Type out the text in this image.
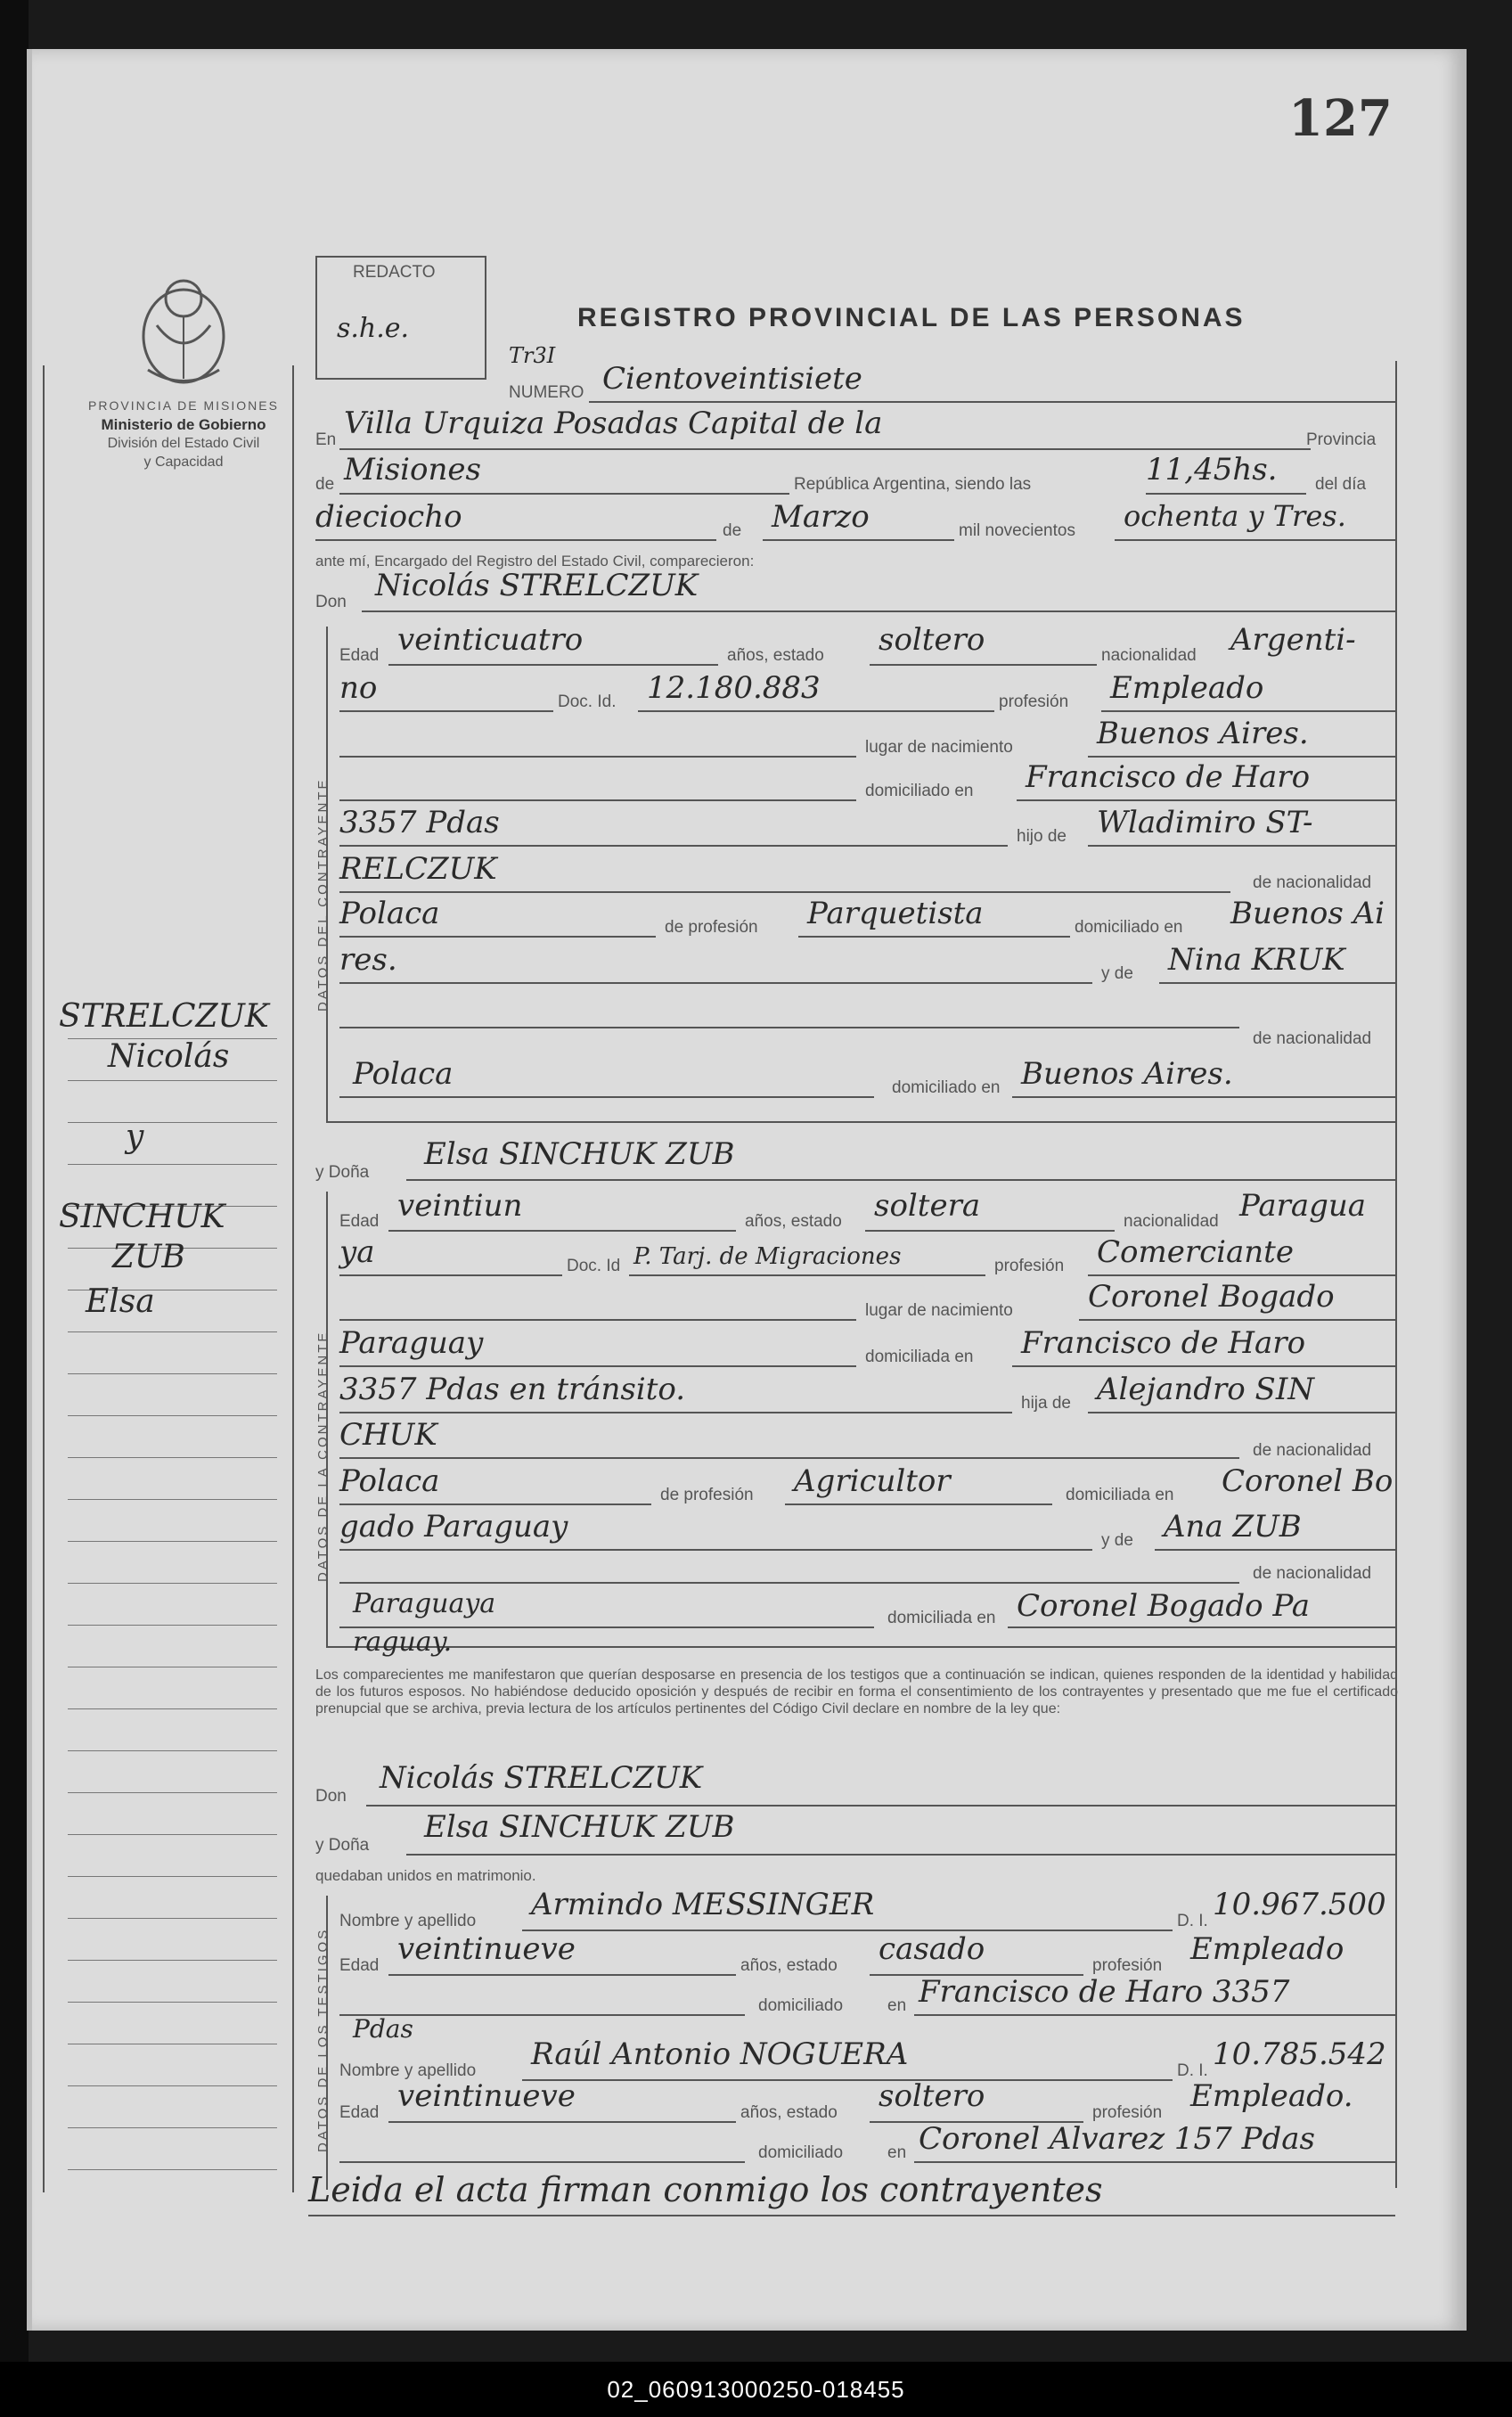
127
REDACTO
s.h.e.	REGISTRO PROVINCIAL DE LAS PERSONAS
PROVINCIA DE MISIONES
Ministerio de Gobierno
División del Estado Civil
y Capacidad
STRELCZUK
Nicolás
y
SINCHUK
ZUB
Elsa
Tr3I
NUMERO Cientoveintisiete
En Villa Urquiza Posadas Capital de la	Provincia
de Misiones	República Argentina, siendo las	11,45hs. del día
dieciocho	de Marzo	mil novecientos ochenta y Tres.
ante mí, Encargado del Registro del Estado Civil, comparecieron:
Don Nicolás STRELCZUK
DATOS DEL CONTRAYENTE
Edad veinticuatro	años, estado soltero	nacionalidad Argenti-
no	Doc. Id. 12.180.883	profesión Empleado
lugar de nacimiento	Buenos Aires.
domiciliado en Francisco de Haro
3357 Pdas	hijo de Wladimiro ST-
RELCZUK	de nacionalidad
Polaca	de profesión Parquetista	domiciliado en Buenos Ai
res.	y de Nina KRUK
de nacionalidad
Polaca	domiciliado en Buenos Aires.
y Doña
Elsa SINCHUK ZUB
DATOS DE LA CONTRAYENTE
Edad veintiun	años, estado soltera	nacionalidad Paragua
ya	Doc. Id P. Tarj. de Migraciones	profesión Comerciante
lugar de nacimiento Coronel Bogado
Paraguay	domiciliada en Francisco de Haro
3357 Pdas en tránsito.	hija de Alejandro SIN
CHUK	de nacionalidad
Polaca	de profesión Agricultor	domiciliada en Coronel Bo
gado Paraguay	y de Ana ZUB
de nacionalidad
Paraguaya	domiciliada en Coronel Bogado Pa
raguay.
Los comparecientes me manifestaron que querían desposarse en presencia de los testigos que a continuación se indican, quienes responden de la identidad y habilidad de los futuros esposos. No habiéndose deducido oposición y después de recibir en forma el consentimiento de los contrayentes y presentado que me fue el certificado prenupcial que se archiva, previa lectura de los artículos pertinentes del Código Civil declare en nombre de la ley que:
Don
Nicolás STRELCZUK
y Doña
Elsa SINCHUK ZUB
quedaban unidos en matrimonio.
DATOS DE LOS TESTIGOS
Nombre y apellido Armindo MESSINGER	D. I. 10.967.500
Edad veintinueve	años, estado casado	profesión Empleado
domiciliado	en Francisco de Haro 3357
Pdas
Nombre y apellido Raúl Antonio NOGUERA	D. I. 10.785.542
Edad veintinueve	años, estado soltero	profesión Empleado.
domiciliado	en Coronel Alvarez 157 Pdas
Leida el acta firman conmigo los contrayentes
02_060913000250-018455
